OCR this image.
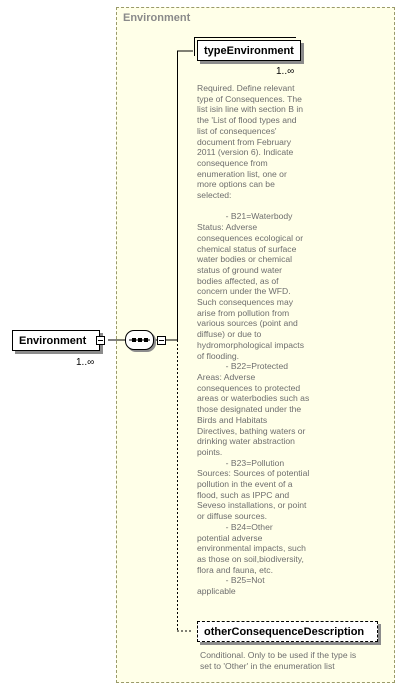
Environment
Environment
1..∞
typeEnvironment
1..∞
Required. Define relevant
type of Consequences. The
list isin line with section B in
the 'List of flood types and
list of consequences'
document from February
2011 (version 6). Indicate
consequence from
enumeration list, one or
more options can be
selected:

- B21=Waterbody
Status: Adverse
consequences ecological or
chemical status of surface
water bodies or chemical
status of ground water
bodies affected, as of
concern under the WFD.
Such consequences may
arise from pollution from
various sources (point and
diffuse) or due to
hydromorphological impacts
of flooding.
- B22=Protected
Areas: Adverse
consequences to protected
areas or waterbodies such as
those designated under the
Birds and Habitats
Directives, bathing waters or
drinking water abstraction
points.
- B23=Pollution
Sources: Sources of potential
pollution in the event of a
flood, such as IPPC and
Seveso installations, or point
or diffuse sources.
- B24=Other
potential adverse
environmental impacts, such
as those on soil,biodiversity,
flora and fauna, etc.
- B25=Not
applicable
otherConsequenceDescription
Conditional. Only to be used if the type is
set to 'Other' in the enumeration list
